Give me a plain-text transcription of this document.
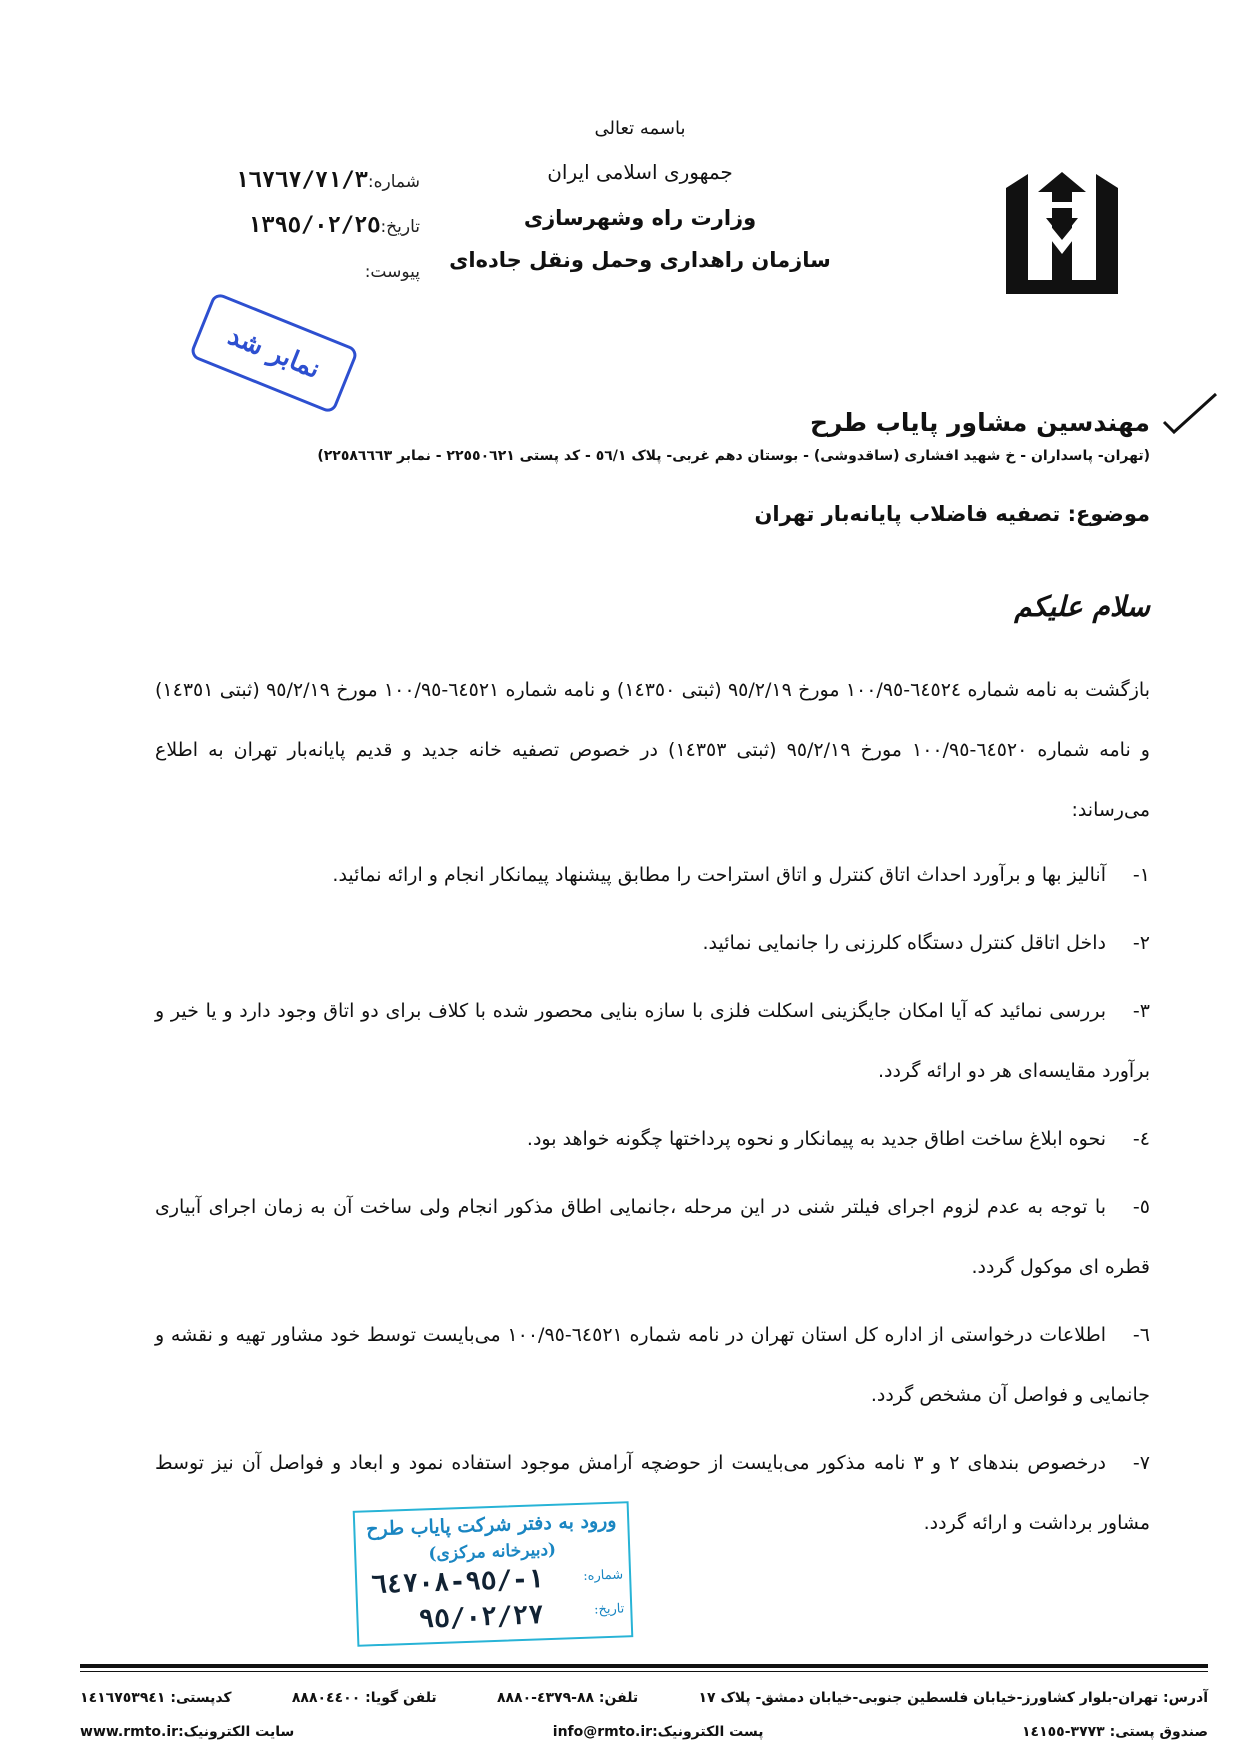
باسمه تعالی
جمهوری اسلامی ایران
وزارت راه وشهرسازی
سازمان راهداری وحمل ونقل جاده‌ای
شماره:١٦٧٦٧/٧١/٣
تاریخ:١٣٩٥/٠٢/٢٥
پیوست:
نمابر شد
مهندسین مشاور پایاب طرح
(تهران- پاسداران - خ شهید افشاری (ساقدوشی) - بوستان دهم غربی- پلاک ٥٦/١ - کد پستی ٢٢٥٥٠٦٢١ - نمابر ٢٢٥٨٦٦٦٣)
موضوع: تصفیه فاضلاب پایانه‌بار تهران
سلام علیکم
بازگشت به نامه شماره ٦٤٥٢٤-١٠٠/٩٥ مورخ ٩٥/٢/١٩ (ثبتی ١٤٣٥٠) و نامه شماره ٦٤٥٢١-١٠٠/٩٥ مورخ ٩٥/٢/١٩ (ثبتی ١٤٣٥١) و نامه شماره ٦٤٥٢٠-١٠٠/٩٥ مورخ ٩٥/٢/١٩ (ثبتی ١٤٣٥٣) در خصوص تصفیه خانه جدید و قدیم پایانه‌بار تهران به اطلاع می‌رساند:
١-آنالیز بها و برآورد احداث اتاق کنترل و اتاق استراحت را مطابق پیشنهاد پیمانکار انجام و ارائه نمائید.
٢-داخل اتاقل کنترل دستگاه کلرزنی را جانمایی نمائید.
٣-بررسی نمائید که آیا امکان جایگزینی اسکلت فلزی با سازه بنایی محصور شده با کلاف برای دو اتاق وجود دارد و یا خیر و برآورد مقایسه‌ای هر دو ارائه گردد.
٤-نحوه ابلاغ ساخت اطاق جدید به پیمانکار و نحوه پرداختها چگونه خواهد بود.
٥-با توجه به عدم لزوم اجرای فیلتر شنی در این مرحله ،جانمایی اطاق مذکور انجام ولی ساخت آن به زمان اجرای آبیاری قطره ای موکول گردد.
٦-اطلاعات درخواستی از اداره کل استان تهران در نامه شماره ٦٤٥٢١-١٠٠/٩٥ می‌بایست توسط خود مشاور تهیه و نقشه و جانمایی و فواصل آن مشخص گردد.
٧-درخصوص بندهای ٢ و ٣ نامه مذکور می‌بایست از حوضچه آرامش موجود استفاده نمود و ابعاد و فواصل آن نیز توسط مشاور برداشت و ارائه گردد.
ورود به دفتر شرکت پایاب طرح
(دبیرخانه مرکزی)
شماره:
١-/٩٥-٦٤٧٠٨
تاریخ:
٩٥/٠٢/٢٧
آدرس: تهران-بلوار کشاورز-خیابان فلسطین جنوبی-خیابان دمشق- پلاک ١٧
تلفن: ٨٨-٤٣٧٩-٨٨٨٠
تلفن گویا: ٨٨٨٠٤٤٠٠
کدپستی: ١٤١٦٧٥٣٩٤١
صندوق پستی: ٣٧٧٣-١٤١٥٥
پست الکترونیک:info@rmto.ir
سایت الکترونیک:www.rmto.ir
